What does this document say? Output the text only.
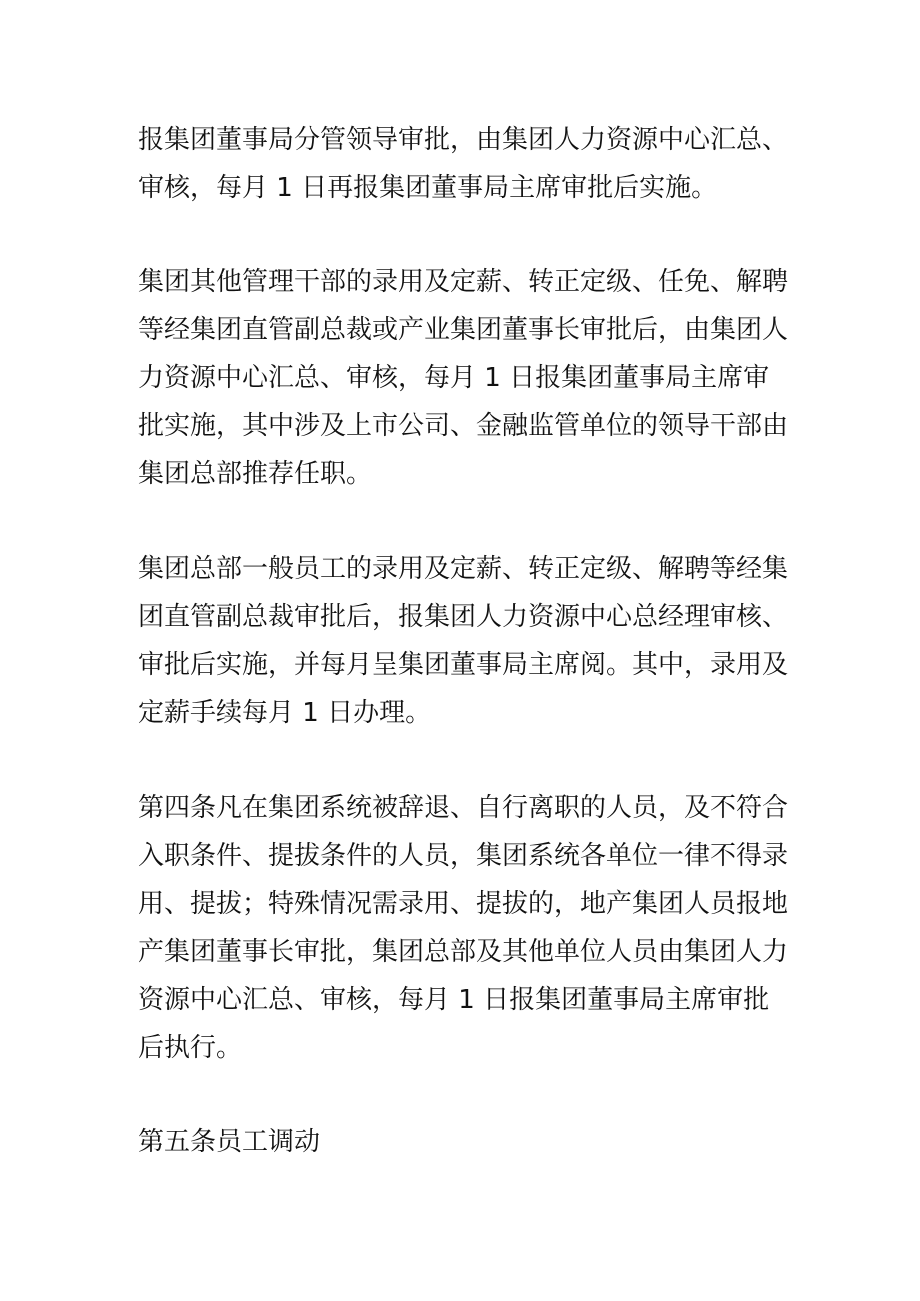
报集团董事局分管领导审批，由集团人力资源中心汇总、
审核，每月 1 日再报集团董事局主席审批后实施。

集团其他管理干部的录用及定薪、转正定级、任免、解聘
等经集团直管副总裁或产业集团董事长审批后，由集团人
力资源中心汇总、审核，每月 1 日报集团董事局主席审
批实施，其中涉及上市公司、金融监管单位的领导干部由
集团总部推荐任职。

集团总部一般员工的录用及定薪、转正定级、解聘等经集
团直管副总裁审批后，报集团人力资源中心总经理审核、
审批后实施，并每月呈集团董事局主席阅。其中，录用及
定薪手续每月 1 日办理。

第四条凡在集团系统被辞退、自行离职的人员，及不符合
入职条件、提拔条件的人员，集团系统各单位一律不得录
用、提拔；特殊情况需录用、提拔的，地产集团人员报地
产集团董事长审批，集团总部及其他单位人员由集团人力
资源中心汇总、审核，每月 1 日报集团董事局主席审批
后执行。

第五条员工调动
